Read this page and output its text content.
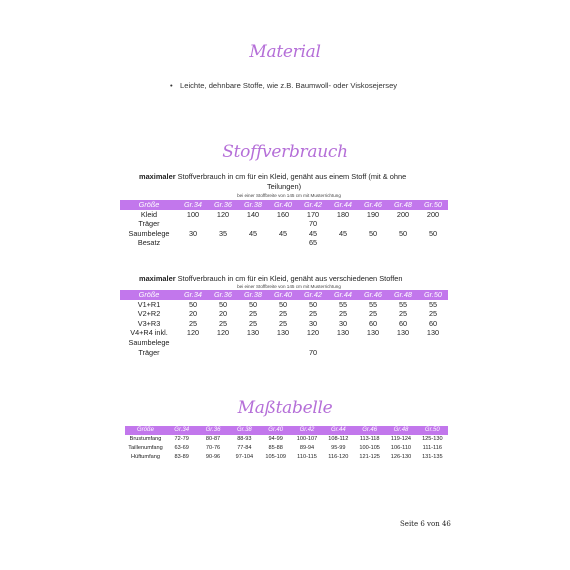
Material
• Leichte, dehnbare Stoffe, wie z.B. Baumwoll- oder Viskosejersey
Stoffverbrauch
maximaler Stoffverbrauch in cm für ein Kleid, genäht aus einem Stoff (mit & ohne

Teilungen)
bei einer Stoffbreite von 145 cm mit Musterrichtung
Größe	Gr.34	Gr.36	Gr.38	Gr.40	Gr.42	Gr.44	Gr.46	Gr.48	Gr.50
Kleid	100	120	140	160	170	180	190	200	200
Träger					70				
Saumbelege	30	35	45	45	45	45	50	50	50
Besatz					65				
maximaler Stoffverbrauch in cm für ein Kleid, genäht aus verschiedenen Stoffen
bei einer Stoffbreite von 145 cm mit Musterrichtung
Größe	Gr.34	Gr.36	Gr.38	Gr.40	Gr.42	Gr.44	Gr.46	Gr.48	Gr.50
V1+R1	50	50	50	50	50	55	55	55	55
V2+R2	20	20	25	25	25	25	25	25	25
V3+R3	25	25	25	25	30	30	60	60	60
V4+R4 inkl.	120	120	130	130	120	130	130	130	130
Saumbelege									
Träger					70				
Maßtabelle
Größe	Gr.34	Gr.36	Gr.38	Gr.40	Gr.42	Gr.44	Gr.46	Gr.48	Gr.50
Brustumfang	72-79	80-87	88-93	94-99	100-107	108-112	113-118	119-124	125-130
Taillenumfang	63-69	70-76	77-84	85-88	89-94	95-99	100-105	106-110	111-116
Hüftumfang	83-89	90-96	97-104	105-109	110-115	116-120	121-125	126-130	131-135
Seite 6 von 46
